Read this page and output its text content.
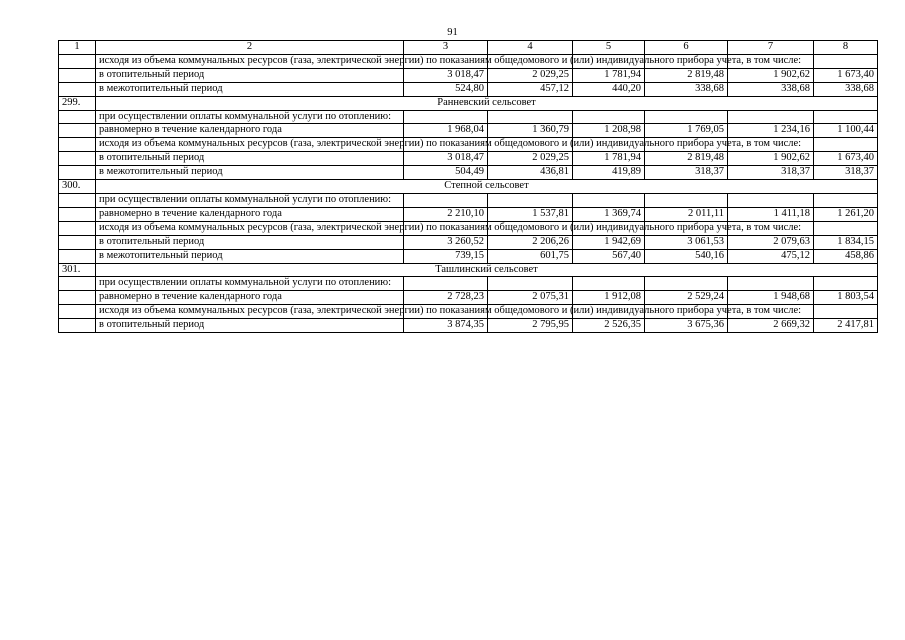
91
1	2	3	4	5	6	7	8
	исходя из объема коммунальных ресурсов (газа, электрической энергии) по показаниям общедомового и (или) индивидуального прибора учета, в том числе:						
	в отопительный период	3 018,47	2 029,25	1 781,94	2 819,48	1 902,62	1 673,40
	в межотопительный период	524,80	457,12	440,20	338,68	338,68	338,68
299.	Ранневский сельсовет						
	при осуществлении оплаты коммунальной услуги по отоплению:						
	равномерно в течение календарного года	1 968,04	1 360,79	1 208,98	1 769,05	1 234,16	1 100,44
	исходя из объема коммунальных ресурсов (газа, электрической энергии) по показаниям общедомового и (или) индивидуального прибора учета, в том числе:						
	в отопительный период	3 018,47	2 029,25	1 781,94	2 819,48	1 902,62	1 673,40
	в межотопительный период	504,49	436,81	419,89	318,37	318,37	318,37
300.	Степной сельсовет						
	при осуществлении оплаты коммунальной услуги по отоплению:						
	равномерно в течение календарного года	2 210,10	1 537,81	1 369,74	2 011,11	1 411,18	1 261,20
	исходя из объема коммунальных ресурсов (газа, электрической энергии) по показаниям общедомового и (или) индивидуального прибора учета, в том числе:						
	в отопительный период	3 260,52	2 206,26	1 942,69	3 061,53	2 079,63	1 834,15
	в межотопительный период	739,15	601,75	567,40	540,16	475,12	458,86
301.	Ташлинский сельсовет						
	при осуществлении оплаты коммунальной услуги по отоплению:						
	равномерно в течение календарного года	2 728,23	2 075,31	1 912,08	2 529,24	1 948,68	1 803,54
	исходя из объема коммунальных ресурсов (газа, электрической энергии) по показаниям общедомового и (или) индивидуального прибора учета, в том числе:						
	в отопительный период	3 874,35	2 795,95	2 526,35	3 675,36	2 669,32	2 417,81
